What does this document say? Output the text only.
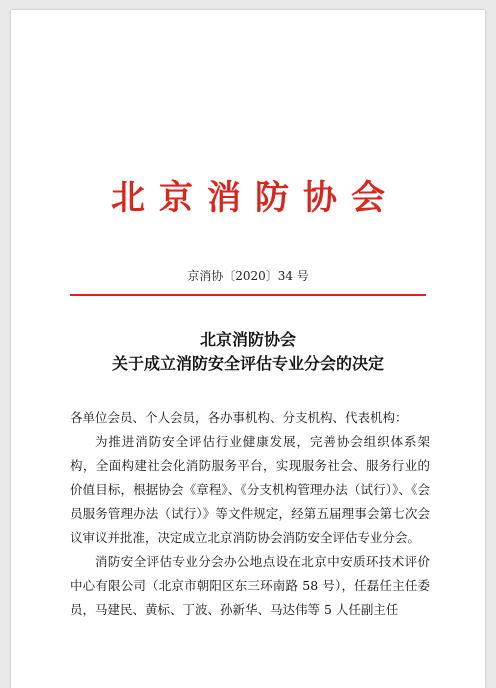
北京消防协会
京消协〔2020〕34 号
北京消防协会
关于成立消防安全评估专业分会的决定

各单位会员、个人会员，各办事机构、分支机构、代表机构：

为推进消防安全评估行业健康发展，完善协会组织体系架构，全面构建社会化消防服务平台，实现服务社会、服务行业的价值目标，根据协会《章程》、《分支机构管理办法（试行）》、《会员服务管理办法（试行）》等文件规定，经第五届理事会第七次会议审议并批准，决定成立北京消防协会消防安全评估专业分会。

消防安全评估专业分会办公地点设在北京中安质环技术评价中心有限公司（北京市朝阳区东三环南路 58 号），任磊任主任委员，马建民、黄标、丁波、孙新华、马达伟等 5 人任副主任
